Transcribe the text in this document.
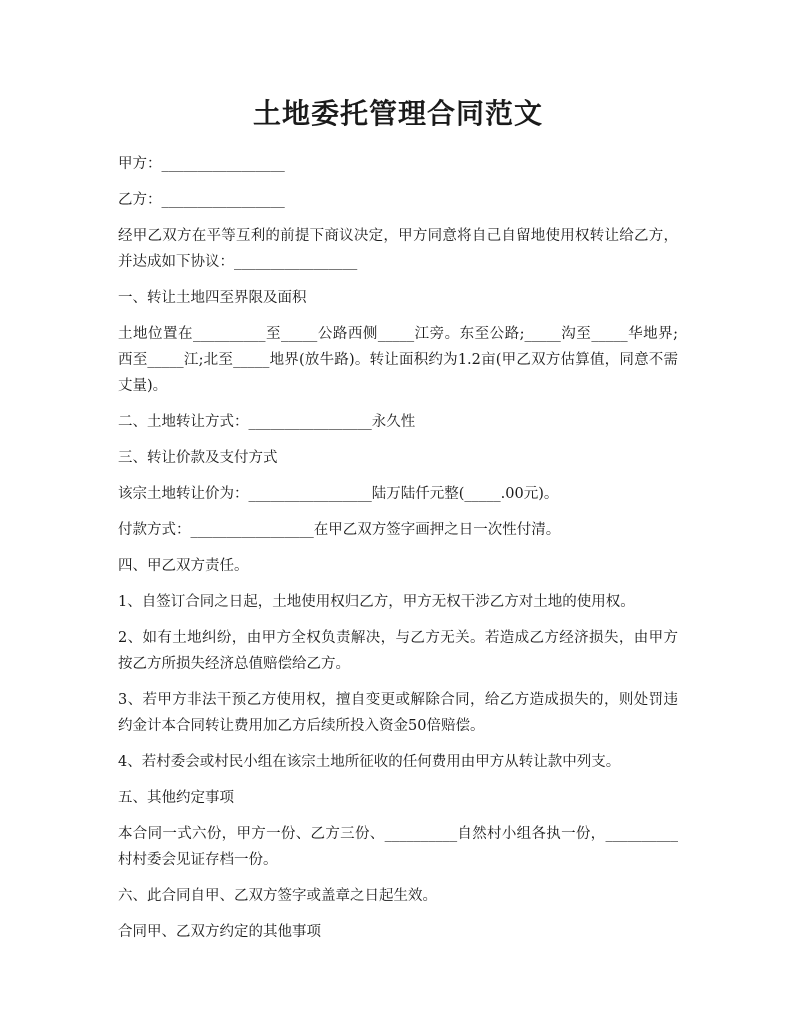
土地委托管理合同范文

甲方：_________________

乙方：_________________

经甲乙双方在平等互利的前提下商议决定，甲方同意将自己自留地使用权转让给乙方，并达成如下协议：_________________

一、转让土地四至界限及面积

土地位置在__________至_____公路西侧_____江旁。东至公路;_____沟至_____华地界;西至_____江;北至_____地界(放牛路)。转让面积约为1.2亩(甲乙双方估算值，同意不需丈量)。

二、土地转让方式：_________________永久性

三、转让价款及支付方式

该宗土地转让价为：_________________陆万陆仟元整(_____.00元)。

付款方式：_________________在甲乙双方签字画押之日一次性付清。

四、甲乙双方责任。

1、自签订合同之日起，土地使用权归乙方，甲方无权干涉乙方对土地的使用权。

2、如有土地纠纷，由甲方全权负责解决，与乙方无关。若造成乙方经济损失，由甲方按乙方所损失经济总值赔偿给乙方。

3、若甲方非法干预乙方使用权，擅自变更或解除合同，给乙方造成损失的，则处罚违约金计本合同转让费用加乙方后续所投入资金50倍赔偿。

4、若村委会或村民小组在该宗土地所征收的任何费用由甲方从转让款中列支。

五、其他约定事项

本合同一式六份，甲方一份、乙方三份、__________自然村小组各执一份，__________村村委会见证存档一份。

六、此合同自甲、乙双方签字或盖章之日起生效。

合同甲、乙双方约定的其他事项
